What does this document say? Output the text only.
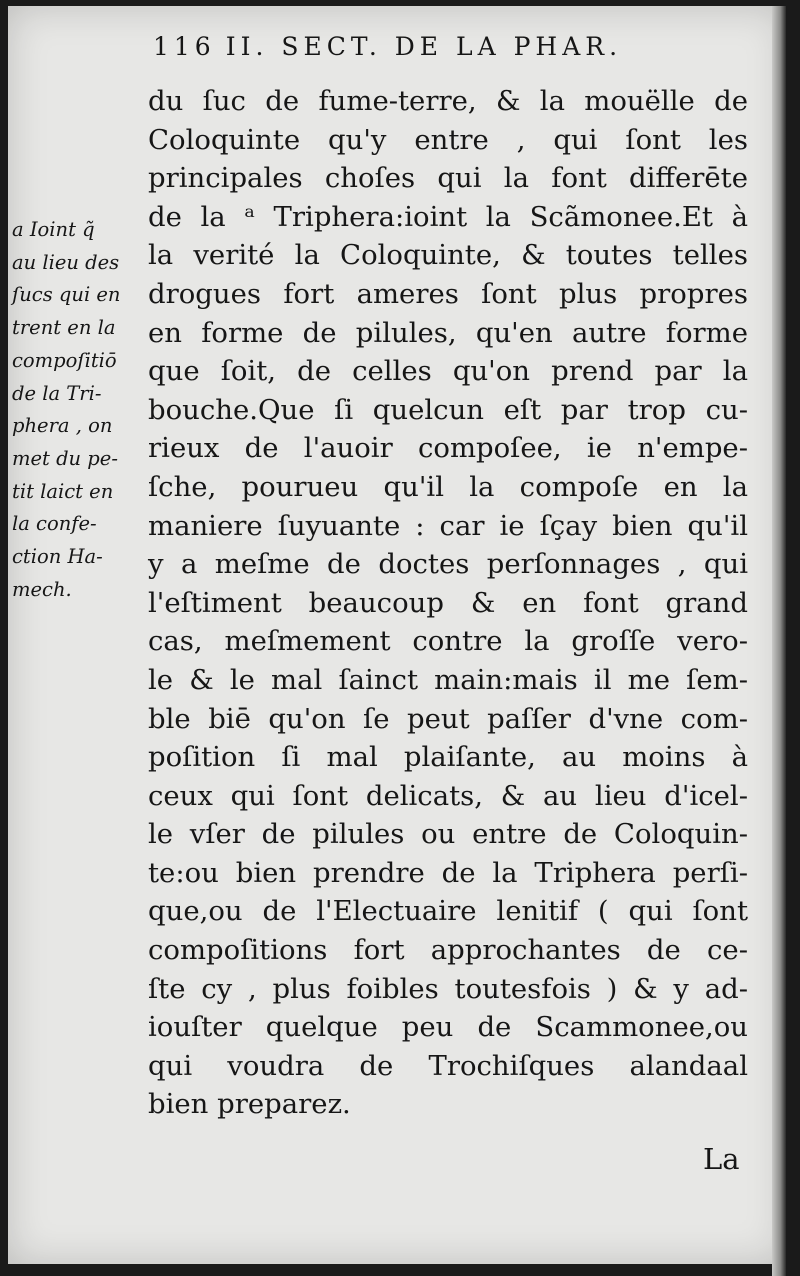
116 II. SECT. DE LA PHAR.
a Ioint q̃
au lieu des
ſucs qui en
trent en la
compoſitiō
de la Tri-
phera , on
met du pe-
tit laict en
la confe-
ction Ha-
mech.
du ſuc de fume-terre, & la mouëlle de
Coloquinte qu'y entre , qui ſont les
principales choſes qui la font differēte
de la ᵃ Triphera:ioint la Scãmonee.Et à
la verité la Coloquinte, & toutes telles
drogues fort ameres ſont plus propres
en forme de pilules, qu'en autre forme
que ſoit, de celles qu'on prend par la
bouche.Que ſi quelcun eſt par trop cu-
rieux de l'auoir compoſee, ie n'empe-
ſche, pourueu qu'il la compoſe en la
maniere ſuyuante : car ie ſçay bien qu'il
y a meſme de doctes perſonnages , qui
l'eſtiment beaucoup & en font grand
cas, meſmement contre la groſſe vero-
le & le mal ſainct main:mais il me ſem-
ble biē qu'on ſe peut paſſer d'vne com-
poſition ſi mal plaiſante, au moins à
ceux qui ſont delicats, & au lieu d'icel-
le vſer de pilules ou entre de Coloquin-
te:ou bien prendre de la Triphera perſi-
que,ou de l'Electuaire lenitif ( qui ſont
compoſitions fort approchantes de ce-
ſte cy , plus foibles toutesfois ) & y ad-
iouſter quelque peu de Scammonee,ou
qui voudra de Trochiſques alandaal
bien preparez.
La
